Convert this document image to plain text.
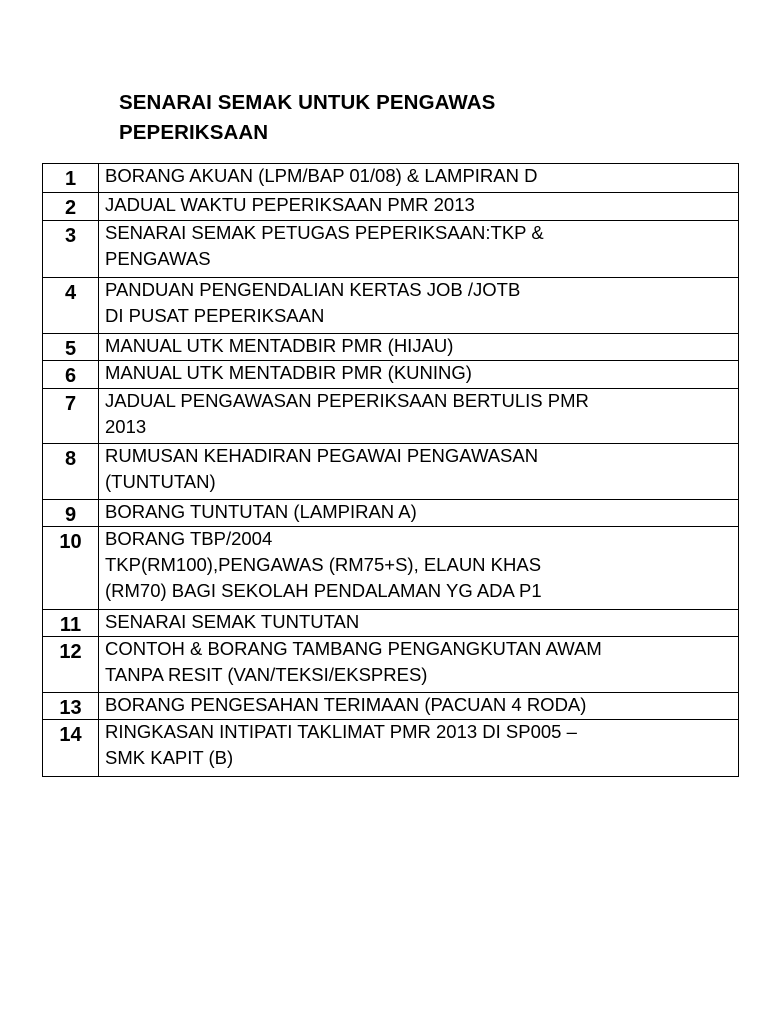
SENARAI SEMAK UNTUK PENGAWAS
PEPERIKSAAN
1	BORANG AKUAN (LPM/BAP 01/08) & LAMPIRAN D

2	JADUAL WAKTU PEPERIKSAAN PMR 2013

3	SENARAI SEMAK PETUGAS PEPERIKSAAN:TKP &
PENGAWAS

4	PANDUAN PENGENDALIAN KERTAS JOB /JOTB
DI PUSAT PEPERIKSAAN

5	MANUAL UTK MENTADBIR PMR (HIJAU)

6	MANUAL UTK MENTADBIR PMR (KUNING)

7	JADUAL PENGAWASAN PEPERIKSAAN BERTULIS PMR
2013

8	RUMUSAN KEHADIRAN PEGAWAI PENGAWASAN
(TUNTUTAN)

9	BORANG TUNTUTAN (LAMPIRAN A)

10	BORANG TBP/2004
TKP(RM100),PENGAWAS (RM75+S), ELAUN KHAS
(RM70) BAGI SEKOLAH PENDALAMAN YG ADA P1

11	SENARAI SEMAK TUNTUTAN

12	CONTOH & BORANG TAMBANG PENGANGKUTAN AWAM
TANPA RESIT (VAN/TEKSI/EKSPRES)

13	BORANG PENGESAHAN TERIMAAN (PACUAN 4 RODA)

14	RINGKASAN INTIPATI TAKLIMAT PMR 2013 DI SP005 –
SMK KAPIT (B)
